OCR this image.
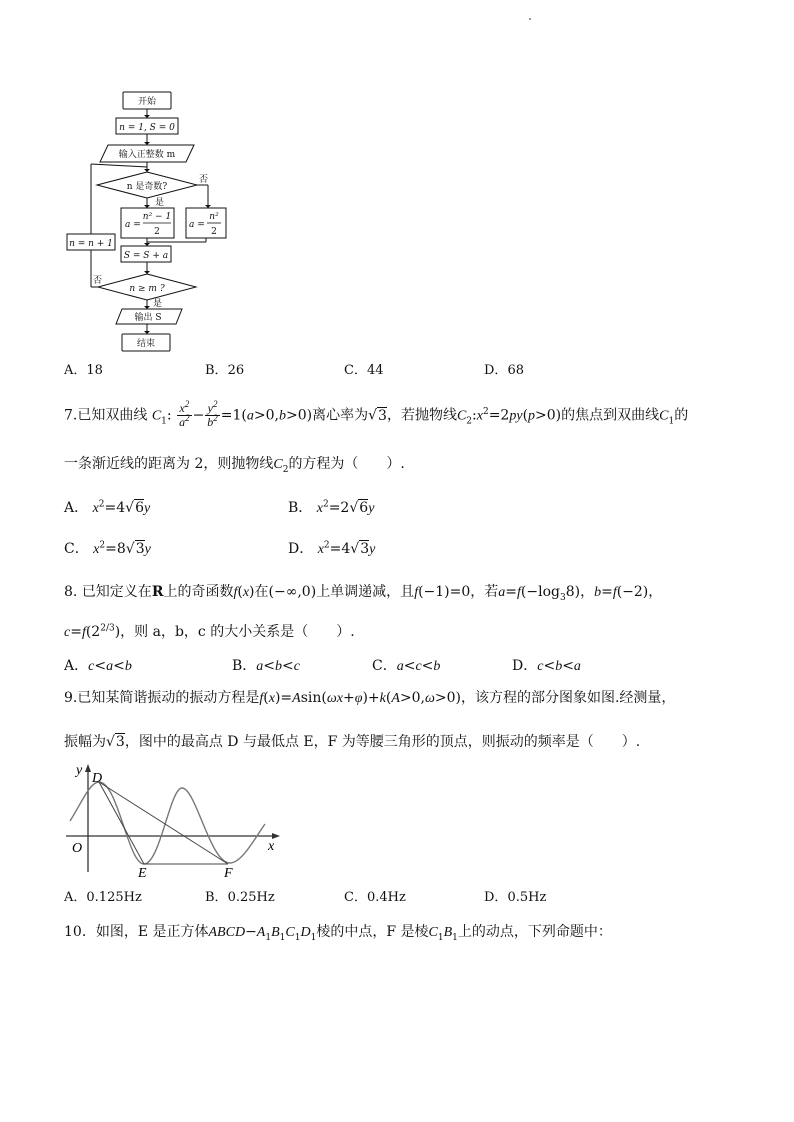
开始
n = 1, S = 0
输入正整数 m
n 是奇数?
是
否
a =
n² − 1
2
a =
n²
2
n = n + 1
S = S + a
n ≥ m ?
是
否
输出 S
结束
A．18	B．26	C．44	D．68
7.已知双曲线 $C_1$: $\frac{x^2}{a^2} - \frac{y^2}{b^2} =1(a>0,b>0)$离心率为√3，若抛物线$C_2:x^2=2py(p>0)$的焦点到双曲线$C_1$的
一条渐近线的距离为 2，则抛物线$C_2$的方程为（　　）.
A． $x^2=4√6y$	B． $x^2=2√6y$
C． $x^2=8√3y$	D． $x^2=4√3y$
8. 已知定义在R上的奇函数f(x)在(−∞,0)上单调递减，且f(−1)=0，若$a=f(-\log_38)$，b=f(−2)，
$c=f(2^{2/3})$，则 a，b，c 的大小关系是（　　）.
A．c<a<b	B．a<b<c	C．a<c<b	D．c<b<a
9.已知某简谐振动的振动方程是f(x)=Asin(ωx+φ)+k(A>0,ω>0)，该方程的部分图象如图.经测量，
振幅为√3，图中的最高点 D 与最低点 E，F 为等腰三角形的顶点，则振动的频率是（　　）.
y
D
O
E	F
x
A．0.125Hz	B．0.25Hz	C．0.4Hz	D．0.5Hz
10．如图，E 是正方体$ABCD-A_1B_1C_1D_1$棱的中点，F 是棱$C_1B_1$上的动点，下列命题中：
